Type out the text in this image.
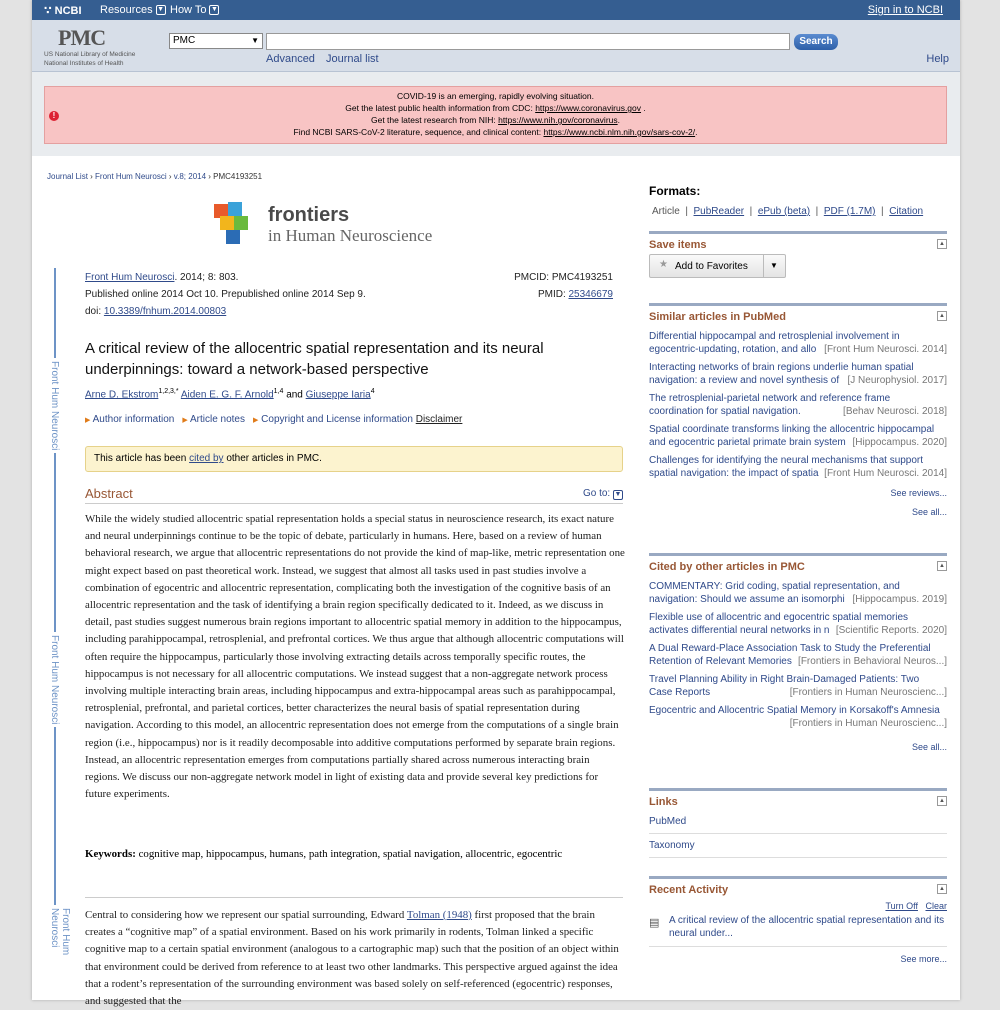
∵ NCBI Resources ▼ How To ▼	Sign in to NCBI
PMC
US National Library of Medicine
National Institutes of Health
PMC	▼	Search
Advanced Journal list	Help
!
COVID-19 is an emerging, rapidly evolving situation.
Get the latest public health information from CDC: https://www.coronavirus.gov .
Get the latest research from NIH: https://www.nih.gov/coronavirus.
Find NCBI SARS-CoV-2 literature, sequence, and clinical content: https://www.ncbi.nlm.nih.gov/sars-cov-2/.
Journal List › Front Hum Neurosci › v.8; 2014 › PMC4193251
Front Hum Neurosci
Front Hum Neurosci
Front Hum Neurosci
frontiers
in Human Neuroscience
Front Hum Neurosci. 2014; 8: 803.
Published online 2014 Oct 10. Prepublished online 2014 Sep 9.
doi: 10.3389/fnhum.2014.00803
PMCID: PMC4193251
PMID: 25346679
A critical review of the allocentric spatial representation and its neural underpinnings: toward a network-based perspective
Arne D. Ekstrom$^{1,2,3,*}$ Aiden E. G. F. Arnold$^{1,4}$ and Giuseppe Iaria$^4$
▶ Author information ▶ Article notes ▶ Copyright and License information Disclaimer
This article has been cited by other articles in PMC.
Abstract	Go to: ▼
While the widely studied allocentric spatial representation holds a special status in neuroscience research, its exact nature and neural underpinnings continue to be the topic of debate, particularly in humans. Here, based on a review of human behavioral research, we argue that allocentric representations do not provide the kind of map-like, metric representation one might expect based on past theoretical work. Instead, we suggest that almost all tasks used in past studies involve a combination of egocentric and allocentric representation, complicating both the investigation of the cognitive basis of an allocentric representation and the task of identifying a brain region specifically dedicated to it. Indeed, as we discuss in detail, past studies suggest numerous brain regions important to allocentric spatial memory in addition to the hippocampus, including parahippocampal, retrosplenial, and prefrontal cortices. We thus argue that although allocentric computations will often require the hippocampus, particularly those involving extracting details across temporally specific routes, the hippocampus is not necessary for all allocentric computations. We instead suggest that a non-aggregate network process involving multiple interacting brain areas, including hippocampus and extra-hippocampal areas such as parahippocampal, retrosplenial, prefrontal, and parietal cortices, better characterizes the neural basis of spatial representation during navigation. According to this model, an allocentric representation does not emerge from the computations of a single brain region (i.e., hippocampus) nor is it readily decomposable into additive computations performed by separate brain regions. Instead, an allocentric representation emerges from computations partially shared across numerous interacting brain regions. We discuss our non-aggregate network model in light of existing data and provide several key predictions for future experiments.
Keywords: cognitive map, hippocampus, humans, path integration, spatial navigation, allocentric, egocentric
Central to considering how we represent our spatial surrounding, Edward Tolman (1948) first proposed that the brain creates a “cognitive map” of a spatial environment. Based on his work primarily in rodents, Tolman linked a specific cognitive map to a certain spatial environment (analogous to a cartographic map) such that the position of an object within that environment could be derived from reference to at least two other landmarks. This perspective argued against the idea that a rodent’s representation of the surrounding environment was based solely on self-referenced (egocentric) responses, and suggested that the
Formats:
Article  |  PubReader  |  ePub (beta)  |  PDF (1.7M)  |  Citation
Save items	▲
★ Add to Favorites	▼
Similar articles in PubMed	▲
Differential hippocampal and retrosplenial involvement in
egocentric-updating, rotation, and allo [Front Hum Neurosci. 2014]
Interacting networks of brain regions underlie human spatial
navigation: a review and novel synthesis of [J Neurophysiol. 2017]
The retrosplenial-parietal network and reference frame
coordination for spatial navigation.	[Behav Neurosci. 2018]
Spatial coordinate transforms linking the allocentric hippocampal
and egocentric parietal primate brain system [Hippocampus. 2020]
Challenges for identifying the neural mechanisms that support
spatial navigation: the impact of spatia [Front Hum Neurosci. 2014]
See reviews...
See all...
Cited by other articles in PMC	▲
COMMENTARY: Grid coding, spatial representation, and
navigation: Should we assume an isomorphi [Hippocampus. 2019]
Flexible use of allocentric and egocentric spatial memories
activates differential neural networks in n [Scientific Reports. 2020]
A Dual Reward-Place Association Task to Study the Preferential
Retention of Relevant Memories [Frontiers in Behavioral Neuros...]
Travel Planning Ability in Right Brain-Damaged Patients: Two
Case Reports	[Frontiers in Human Neuroscienc...]
Egocentric and Allocentric Spatial Memory in Korsakoff's Amnesia
[Frontiers in Human Neuroscienc...]
See all...
Links	▲
PubMed
Taxonomy
Recent Activity	▲
Turn Off Clear
▤ A critical review of the allocentric spatial representation and its neural under...
See more...
